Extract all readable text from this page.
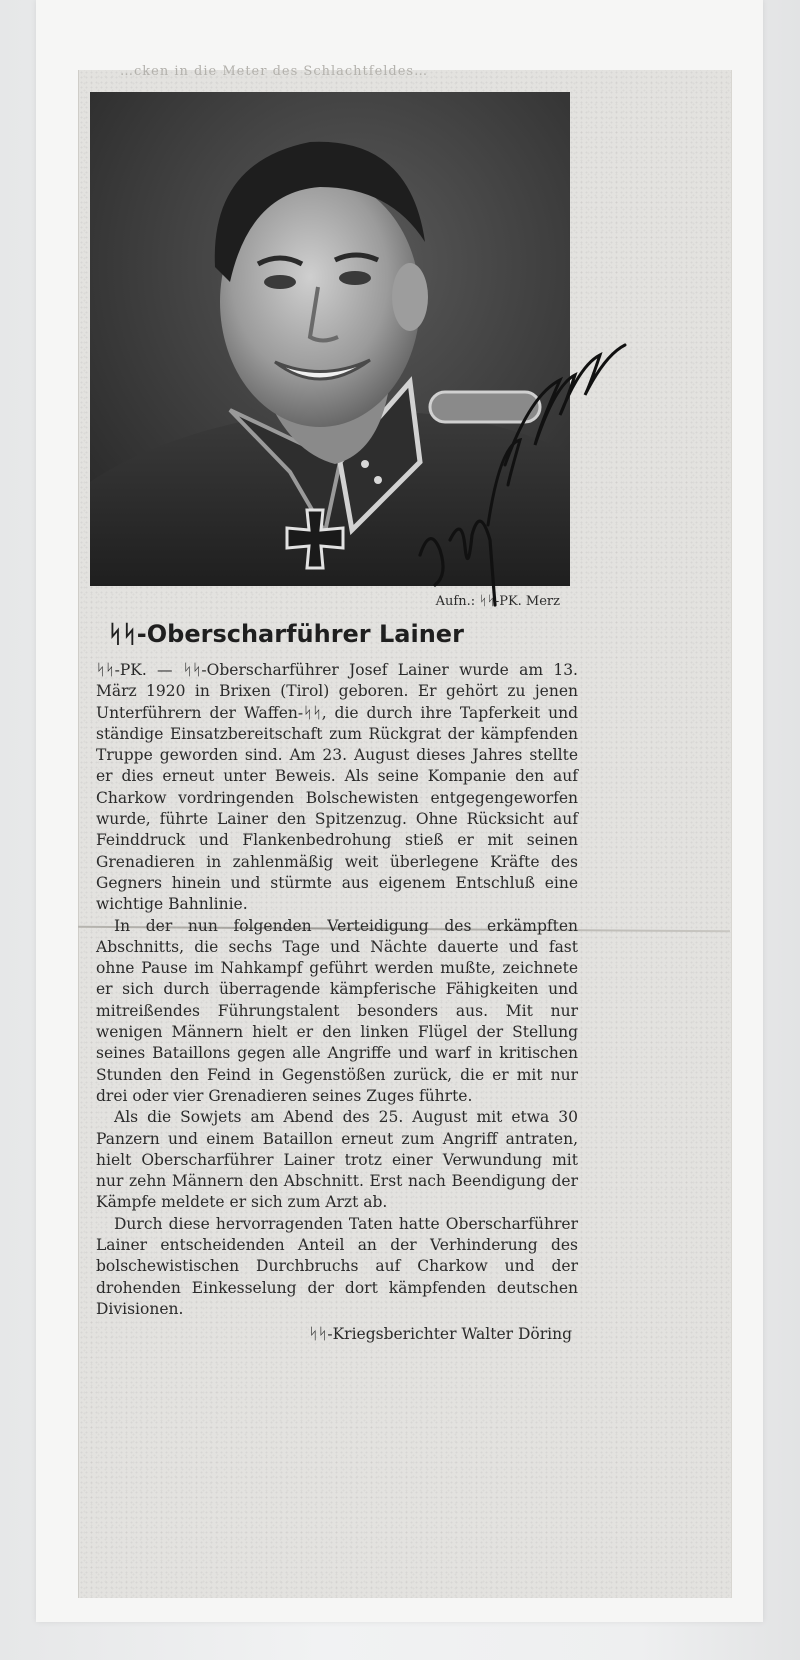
…cken in die Meter des Schlachtfeldes…
Aufn.: ᛋᛋ-PK. Merz
ᛋᛋ-Oberscharführer Lainer

ᛋᛋ-PK. — ᛋᛋ-Oberscharführer Josef Lainer wurde am 13. März 1920 in Brixen (Tirol) geboren. Er gehört zu jenen Unterführern der Waffen-ᛋᛋ, die durch ihre Tapferkeit und ständige Einsatzbereitschaft zum Rückgrat der kämpfenden Truppe geworden sind. Am 23. August dieses Jahres stellte er dies erneut unter Beweis. Als seine Kompanie den auf Charkow vordringenden Bolschewisten entgegengeworfen wurde, führte Lainer den Spitzenzug. Ohne Rücksicht auf Feinddruck und Flankenbedrohung stieß er mit seinen Grenadieren in zahlenmäßig weit überlegene Kräfte des Gegners hinein und stürmte aus eigenem Entschluß eine wichtige Bahnlinie.

In der nun folgenden Verteidigung des erkämpften Abschnitts, die sechs Tage und Nächte dauerte und fast ohne Pause im Nahkampf geführt werden mußte, zeichnete er sich durch überragende kämpferische Fähigkeiten und mitreißendes Führungstalent besonders aus. Mit nur wenigen Männern hielt er den linken Flügel der Stellung seines Bataillons gegen alle Angriffe und warf in kritischen Stunden den Feind in Gegenstößen zurück, die er mit nur drei oder vier Grenadieren seines Zuges führte.

Als die Sowjets am Abend des 25. August mit etwa 30 Panzern und einem Bataillon erneut zum Angriff antraten, hielt Oberscharführer Lainer trotz einer Verwundung mit nur zehn Männern den Abschnitt. Erst nach Beendigung der Kämpfe meldete er sich zum Arzt ab.

Durch diese hervorragenden Taten hatte Oberscharführer Lainer entscheidenden Anteil an der Verhinderung des bolschewistischen Durchbruchs auf Charkow und der drohenden Einkesselung der dort kämpfenden deutschen Divisionen.

ᛋᛋ-Kriegsberichter Walter Döring
